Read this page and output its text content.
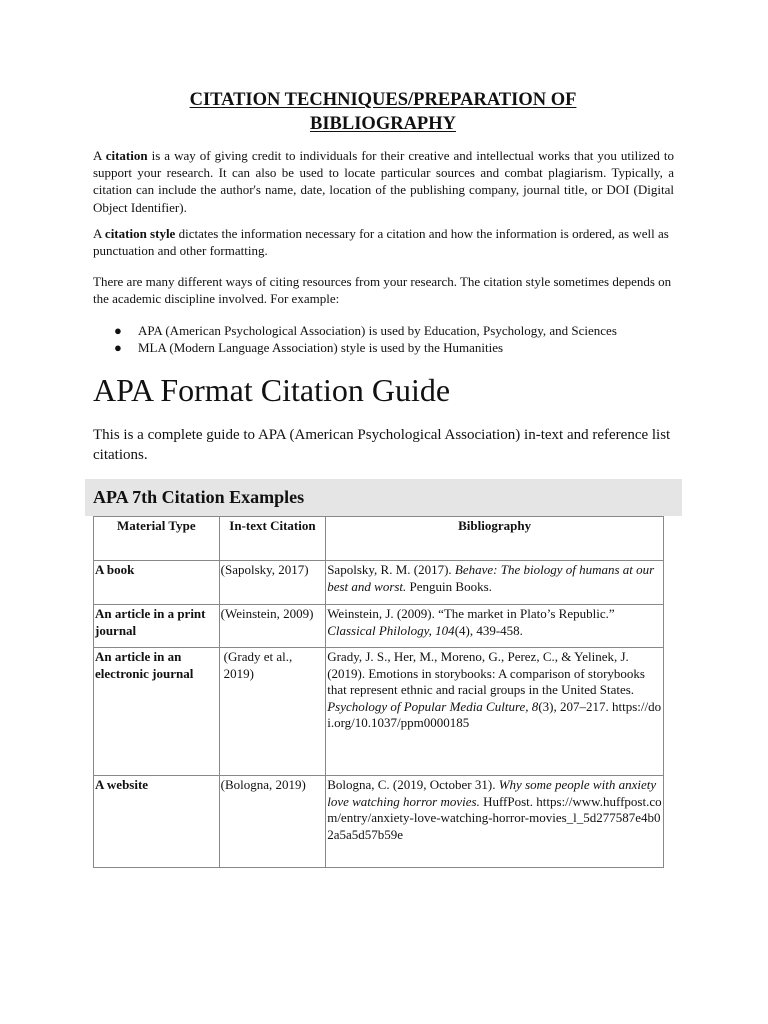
CITATION TECHNIQUES/PREPARATION OF
BIBLIOGRAPHY

A citation is a way of giving credit to individuals for their creative and intellectual works that you utilized to support your research. It can also be used to locate particular sources and combat plagiarism. Typically, a citation can include the author's name, date, location of the publishing company, journal title, or DOI (Digital Object Identifier).

A citation style dictates the information necessary for a citation and how the information is ordered, as well as punctuation and other formatting.

There are many different ways of citing resources from your research. The citation style sometimes depends on the academic discipline involved. For example:

● APA (American Psychological Association) is used by Education, Psychology, and Sciences
● MLA (Modern Language Association) style is used by the Humanities
APA Format Citation Guide

This is a complete guide to APA (American Psychological Association) in-text and reference list citations.

APA 7th Citation Examples
Material Type	In-text Citation	Bibliography
A book	(Sapolsky, 2017)	Sapolsky, R. M. (2017). Behave: The biology of humans at our best and worst. Penguin Books.
An article in a print journal	(Weinstein, 2009)	Weinstein, J. (2009). “The market in Plato’s Republic.” Classical Philology, 104(4), 439-458.
An article in an electronic journal	(Grady et al., 2019)	Grady, J. S., Her, M., Moreno, G., Perez, C., & Yelinek, J. (2019). Emotions in storybooks: A comparison of storybooks that represent ethnic and racial groups in the United States. Psychology of Popular Media Culture, 8(3), 207–217. https://doi.org/10.1037/ppm0000185
A website	(Bologna, 2019)	Bologna, C. (2019, October 31). Why some people with anxiety love watching horror movies. HuffPost. https://www.huffpost.com/entry/anxiety-love-watching-horror-movies_l_5d277587e4b02a5a5d57b59e
